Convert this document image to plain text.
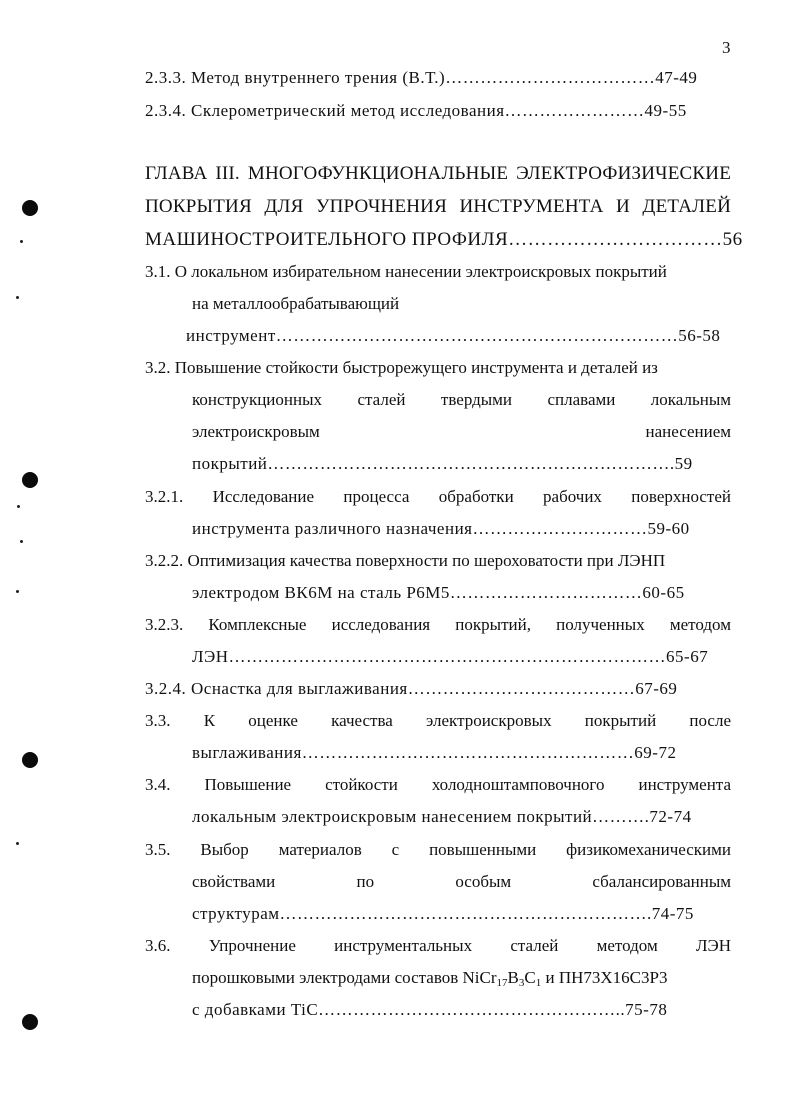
3
2.3.3. Метод внутреннего трения (В.Т.)………………………………47-49
2.3.4. Склерометрический метод исследования……………………49-55
ГЛАВА III. МНОГОФУНКЦИОНАЛЬНЫЕ ЭЛЕКТРОФИЗИЧЕСКИЕ
ПОКРЫТИЯ ДЛЯ УПРОЧНЕНИЯ ИНСТРУМЕНТА И ДЕТАЛЕЙ
МАШИНОСТРОИТЕЛЬНОГО ПРОФИЛЯ……………………………56
3.1. О локальном избирательном нанесении электроискровых покрытий
на металлообрабатывающий
инструмент……………………………………………………………56-58
3.2. Повышение стойкости быстрорежущего инструмента и деталей из
конструкционных сталей твердыми сплавами локальным
электроискровым нанесением
покрытий…………………………………………………………….59
3.2.1. Исследование процесса обработки рабочих поверхностей
инструмента различного назначения…………………………59-60
3.2.2. Оптимизация качества поверхности по шероховатости при ЛЭНП
электродом ВК6М на сталь Р6М5……………………………60-65
3.2.3. Комплексные исследования покрытий, полученных методом
ЛЭН…………………………………………………………………65-67
3.2.4. Оснастка для выглаживания…………………………………67-69
3.3. К оценке качества электроискровых покрытий после
выглаживания…………………………………………………69-72
3.4. Повышение стойкости холодноштамповочного инструмента
локальным электроискровым нанесением покрытий……….72-74
3.5. Выбор материалов с повышенными физикомеханическими
свойствами по особым сбалансированным
структурам……………………………………………………….74-75
3.6. Упрочнение инструментальных сталей методом ЛЭН
порошковыми электродами составов $NiCr_{17}B_3C_1$ и ПН73Х16С3Р3
с добавками TiC……………………………………………..75-78
